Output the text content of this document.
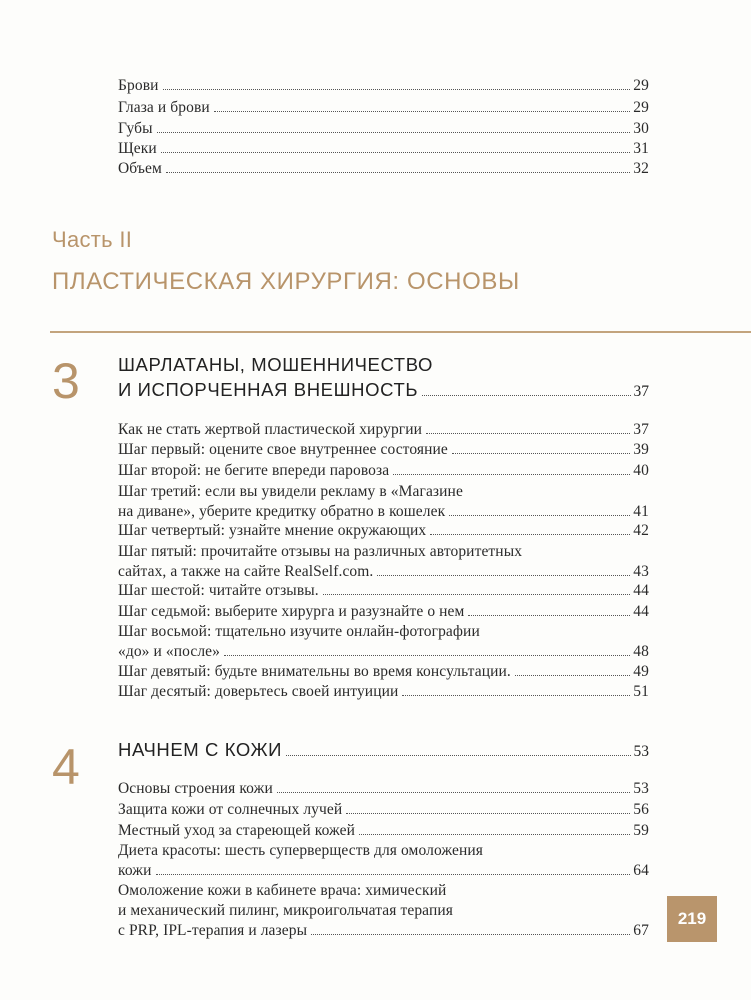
Брови	29
Глаза и брови	29
Губы	30
Щеки	31
Объем	32
Часть II
ПЛАСТИЧЕСКАЯ ХИРУРГИЯ: ОСНОВЫ
3 ШАРЛАТАНЫ, МОШЕННИЧЕСТВО
И ИСПОРЧЕННАЯ ВНЕШНОСТЬ	37
Как не стать жертвой пластической хирургии	37
Шаг первый: оцените свое внутреннее состояние	39
Шаг второй: не бегите впереди паровоза	40
Шаг третий: если вы увидели рекламу в «Магазине
на диване», уберите кредитку обратно в кошелек	41
Шаг четвертый: узнайте мнение окружающих	42
Шаг пятый: прочитайте отзывы на различных авторитетных
сайтах, а также на сайте RealSelf.com.	43
Шаг шестой: читайте отзывы.	44
Шаг седьмой: выберите хирурга и разузнайте о нем	44
Шаг восьмой: тщательно изучите онлайн-фотографии
«до» и «после»	48
Шаг девятый: будьте внимательны во время консультации.	49
Шаг десятый: доверьтесь своей интуиции	51
4 НАЧНЕМ С КОЖИ	53
Основы строения кожи	53
Защита кожи от солнечных лучей	56
Местный уход за стареющей кожей	59
Диета красоты: шесть суперверществ для омоложения
кожи	64
Омоложение кожи в кабинете врача: химический
и механический пилинг, микроигольчатая терапия
с PRP, IPL-терапия и лазеры	67
219
